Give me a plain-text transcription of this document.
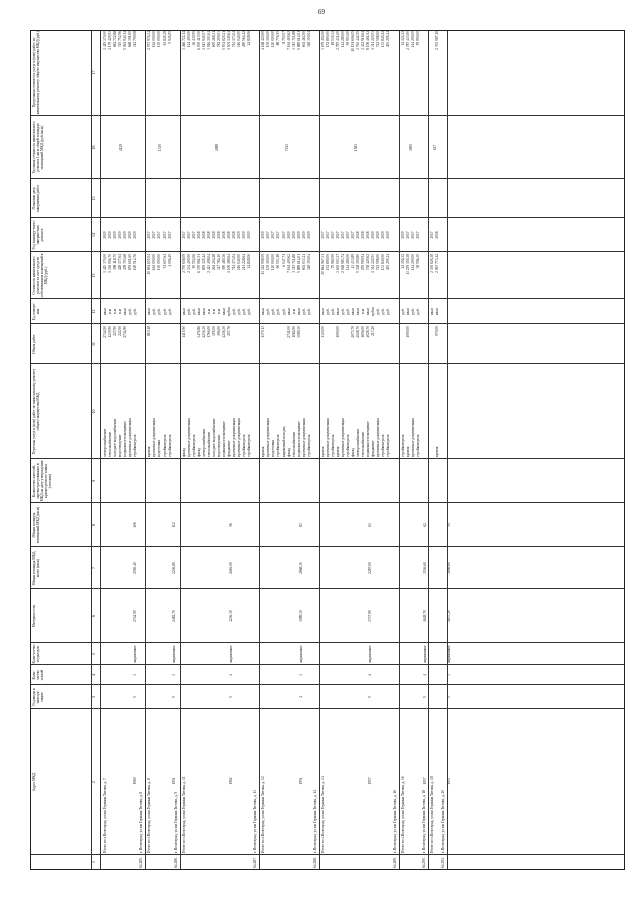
69
Адрес МКД
Год ввода в эксплуа-тацию
Коли-чество этажей
Коли-чество подъездов
Материал стен
Общая площадь МКД, всего (кв.м)
Общая площадь помещений МКД (кв.м)
Количество жителей, зарегистри-рованных в МКД на дату утверждения краткосрочного плана (человек)
Перечень услуг и (или) работ по капитальному ремонту общего имущества МКД
Объем работ
Ед. измере-ния
Стоимость капитального ремонта за счет средств собственников помещений в МКД (руб.)
Год планиру-емого заверше-ния ремонта
Плановая дата завершения работ
Удельная стоимость капитального ремонта 1 кв.м общей площади помещений МКД (руб./кв.м)
Предельная стоимость услуг и (или) работ по капитальному ремонту общего имущества МКД (руб.)
1
2
3
4
5
6
7
8
9
10
11
12
13
14
15
16
17
Итого по г.Волгоград, ул им Германа Титова, д. 7
электроснабжение
2744,90
кв.м
1 415 370,00
2019
1 415 370,00
теплоснабжение
1239,90
п.м
1 336 056,70
2019
2 179 429,93
холодное водоснабжение
227,90
п.м
398 118,75
2019
684 722,88
водоотведение
222,00
п.м
428 177,64
2019
745 752,96
подвальное помещение
2744,90
кв.м
478 703,68
2019
5 061 940,14
проектные документация
руб.
655 601,65
2019
668 391,00
стройконтроль
руб.
160 514,76
2019
312 709,08
64.285.
г. Волгоград, ул им Германа Титова, д. 8
1960
5
3
кирпичные
2744,90
2565,40
106
4129
Итого по г.Волгоград, ул им Германа Титова, д. 8
кровля
810,18
кв.м
10 694 655,54
2017
2 973 976,34
проектные документация
руб.
162 000,00
2017
162 000,00
подготовка
руб.
130 000,00
2017
130 000,00
стройконтроль
руб.
51 607,64
2017
63 845,29
стройконтроль
руб.
4 006,45
2017
5 945,05
64.286.
г. Волгоград, ул им Германа Титова, д. 9
1951
5
3
кирпичные
2482,70
2236,80
112
1330
Итого по г.Волгоград, ул им Германа Титова, д. 11
фасад
1415,90
кв.м
2 750 658,09
2017
3 466 722,14
проектные документация
руб.
2 334 400,00
2017
124 400,00
стройконтроль
руб.
50 552,06
2017
36 439,95
фасад
3476,86
кв.м
6 370 061,51
2018
6 030 410,50
электроснабжение
4236,30
кв.м
695 125,44
2018
1 613 945,57
теплоснабжение
1766,00
п.м
2 413 498,04
2018
3 916 193,04
холодное водоснабжение
195,00
п.м
264 204,28
2018
605 268,31
водоотведение
196,00
п.м
347 784,40
2018
782 200,03
подвальное помещение
4236,30
кв.м
390 480,36
2018
5 931 820,21
фундамент
207,76
куб.м
1 190 189,64
2018
1 501 149,64
проектные документация
руб.
714 173,04
2018
714 173,04
проектные документация
руб.
116 040,00
2019
116 040,00
стройконтроль
руб.
214 228,64
2019
490 564,42
стройконтроль
руб.
24 828,06
2019
24 828,06
64.287.
г. Волгоград, ул им Германа Титова, д. 13
1962
5
4
кирпичные
4236,30
2616,00
56
4088
Итого по г.Волгоград, ул им Германа Титова, д. 12
кровля
1370,13
кв.м
13 322 908,59
2019
4 168 420,00
проектные документация
руб.
139 100,00
2017
139 100,00
подготовка
руб.
120 000,00
2017
120 000,00
стройконтроль
руб.
60 503,18
2017
88 776,55
кирпичный колодец
руб.
6 047,71
2017
8 750,57
фасад
2741,00
кв.м
7 164 400,62
2019
7 164 400,62
теплоснабжение
1084,90
п.м
3 315 711,88
2019
3 315 711,88
подвальное помещение
3089,30
кв.м
5 889 614,01
2019
5 889 614,01
проектные документация
руб.
602 033,41
2019
602 462,00
стройконтроль
руб.
348 350,04
2019
348 350,04
64.288.
г. Волгоград, ул им Германа Титова, д. 14
1951
4
3
кирпичные
3089,30
2868,30
83
7213
Итого по г.Волгоград, ул им Германа Титова, д. 14
кровля
1320,00
кв.м
20 864 967,31
2017
3 679 492,00
проектные документация
руб.
152 800,00
2017
152 800,00
стройконтроль
руб.
75 960,59
2017
18 530,32
кровля
1000,00
кв.м
3 630 003,37
2017
2 787 431,00
проектные документация
руб.
2 028 983,74
2017
144 280,00
стройконтроль
руб.
144 280,00
2017
59 953,00
фасад
4073,70
кв.м
43 433,89
2017
10 191 606,05
электроснабжение
4028,70
кв.м
5 338 159,80
2018
1 763 442,55
теплоснабжение
1656,00
п.м
255 909,94
2018
2 432 918,64
подвальное помещение
4028,70
кв.м
738 429,62
2018
8 106 461,02
фундамент
217,20
куб.м
1 314 220,53
2019
1 314 220,53
проектные документация
руб.
722 598,00
2019
722 598,00
стройконтроль
руб.
133 840,00
2019
133 840,22
стройконтроль
руб.
493 295,24
2019
493 295,24
64.289.
г. Волгоград, ул им Германа Титова, д. 16
1957
5
4
кирпичные
3737,90
2287,00
63
1583
Итого по г.Волгоград, ул им Германа Титова, д. 16
стройконтроль
руб.
24 156,32
2019
24 124,32
кровля
1000,00
кв.м
13 239 150,38
2017
2 787 433,00
проектные документация
руб.
144 200,00
2017
144 200,00
стройконтроль
руб.
38 596,30
2017
59 950,00
64.290.
г. Волгоград, ул им Германа Титова, д. 18
1957
5
4
кирпичные
4628,70
3536,60
62
3695
Итого по г.Волгоград, ул им Германа Титова, д. 18
кв.м
2 330 626,38
2017
кровля
970,00
кв.м
2 067 773,42
2018
2 703 087,10
64.291.
г. Волгоград, ул им Германа Титова, д. 20
1957
5
3
кирпичные
4837,20
3898,60
59
627
